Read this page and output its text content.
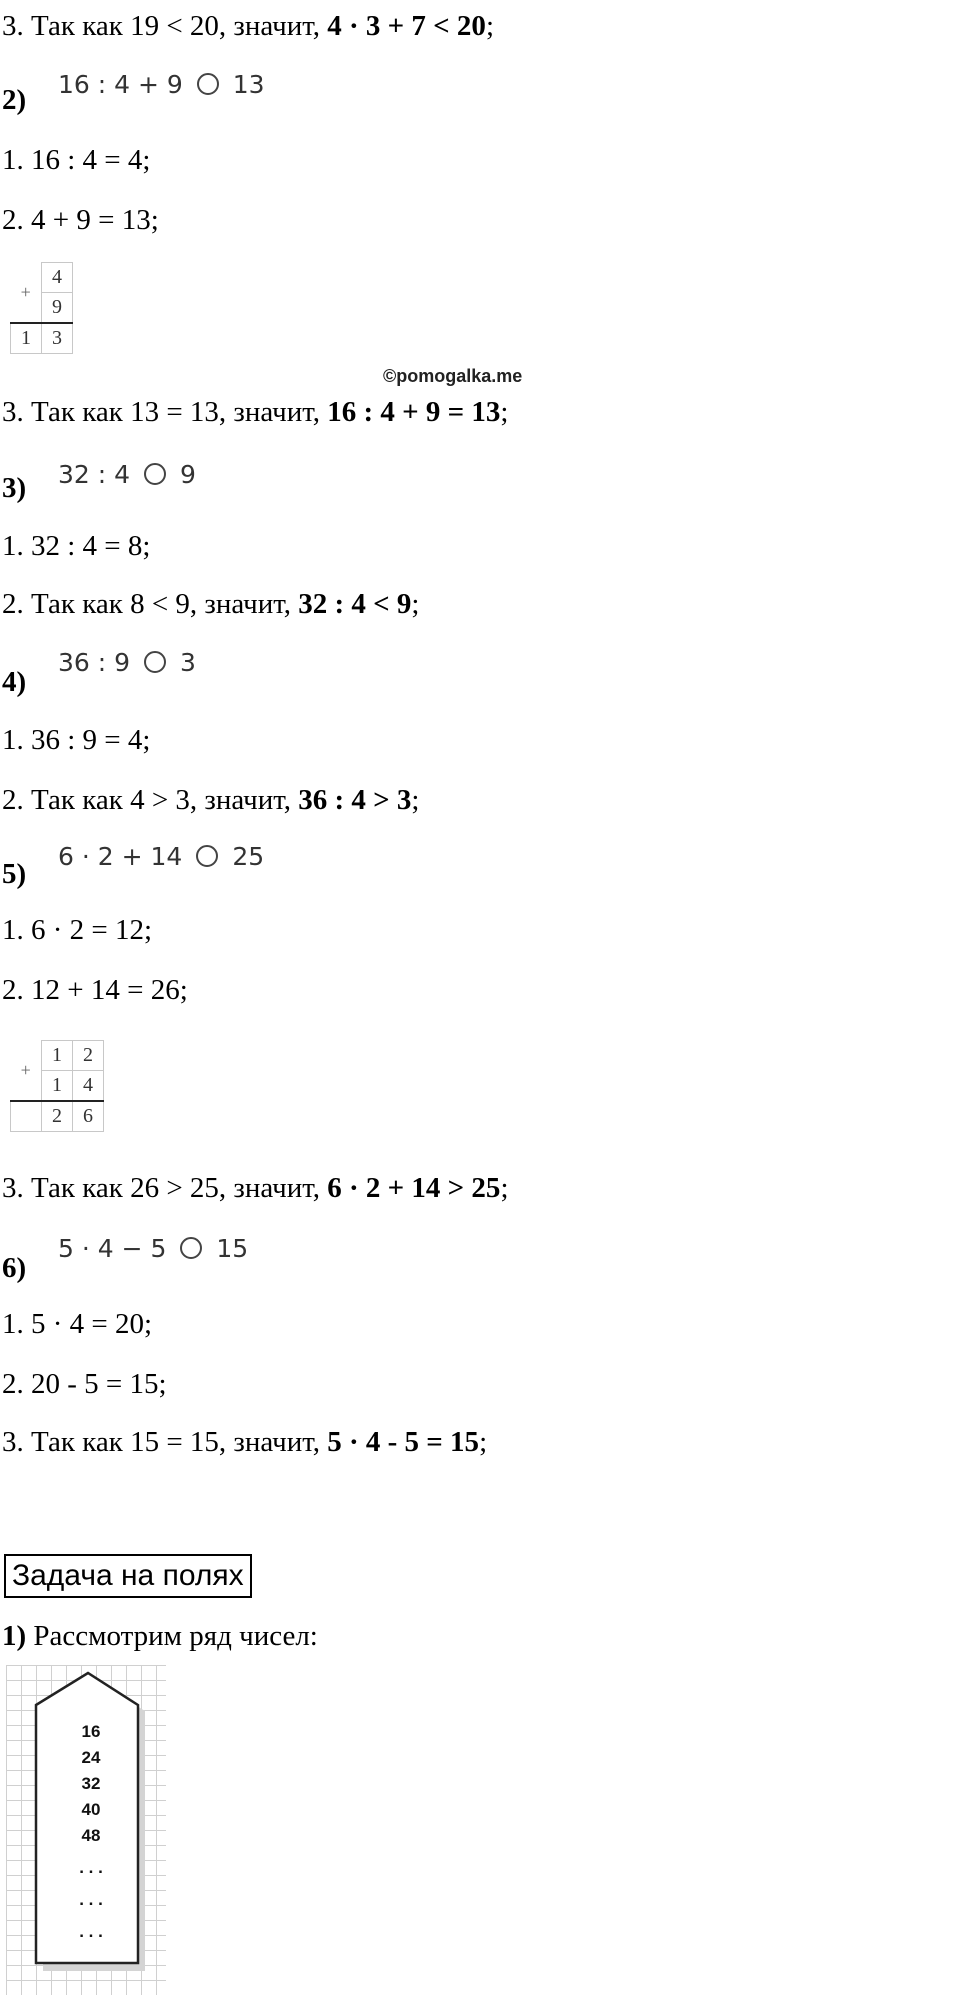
3. Так как 19 < 20, значит, 4 · 3 + 7 < 20;
2) 16 : 4 + 9 13
1. 16 : 4 = 4;
2. 4 + 9 = 13;
+	4
	9
1	3
©pomogalka.me
3. Так как 13 = 13, значит, 16 : 4 + 9 = 13;
3) 32 : 4 9
1. 32 : 4 = 8;
2. Так как 8 < 9, значит, 32 : 4 < 9;
4)
36 : 9 3
1. 36 : 9 = 4;
2. Так как 4 > 3, значит, 36 : 4 > 3;
5)
6 · 2 + 14 25
1. 6 · 2 = 12;
2. 12 + 14 = 26;
+	1	2
	1	4
	2	6
3. Так как 26 > 25, значит, 6 · 2 + 14 > 25;
6)
5 · 4 − 5 15
1. 5 · 4 = 20;
2. 20 - 5 = 15;
3. Так как 15 = 15, значит, 5 · 4 - 5 = 15;
Задача на полях
1) Рассмотрим ряд чисел:
16
24
32
40
48
. . .
. . .
. . .
